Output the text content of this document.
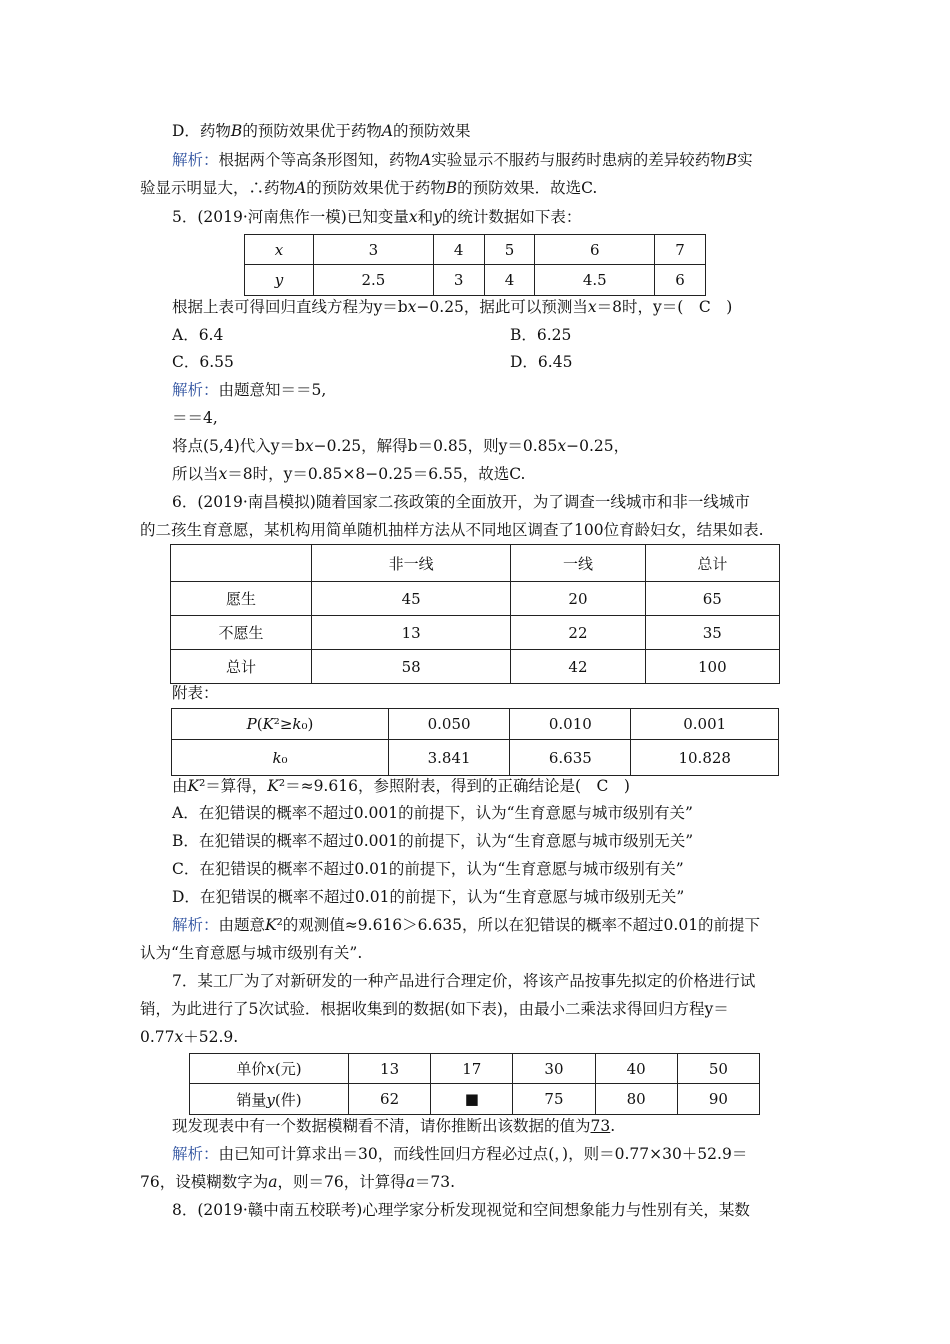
D．药物𝐵的预防效果优于药物𝐴的预防效果
解析：根据两个等高条形图知，药物𝐴实验显示不服药与服药时患病的差异较药物𝐵实
验显示明显大，∴药物𝐴的预防效果优于药物𝐵的预防效果．故选C.
5．(2019·河南焦作一模)已知变量𝑥和𝑦的统计数据如下表：
𝑥	3	4	5	6	7
𝑦	2.5	3	4	4.5	6
根据上表可得回归直线方程为y＝b𝑥−0.25，据此可以预测当𝑥＝8时，y＝(　C　)
A．6.4	B．6.25
C．6.55	D．6.45
解析：由题意知＝＝5,
＝＝4,
将点(5,4)代入y＝b𝑥−0.25，解得b＝0.85，则y＝0.85𝑥−0.25，
所以当𝑥＝8时，y＝0.85×8−0.25＝6.55，故选C.
6．(2019·南昌模拟)随着国家二孩政策的全面放开，为了调查一线城市和非一线城市
的二孩生育意愿，某机构用简单随机抽样方法从不同地区调查了100位育龄妇女，结果如表.
	非一线	一线	总计
愿生	45	20	65
不愿生	13	22	35
总计	58	42	100
附表：
𝑃(𝐾²≥𝑘₀)	0.050	0.010	0.001
𝑘₀	3.841	6.635	10.828
由𝐾²＝算得，𝐾²＝≈9.616，参照附表，得到的正确结论是(　C　)
A．在犯错误的概率不超过0.001的前提下，认为“生育意愿与城市级别有关”
B．在犯错误的概率不超过0.001的前提下，认为“生育意愿与城市级别无关”
C．在犯错误的概率不超过0.01的前提下，认为“生育意愿与城市级别有关”
D．在犯错误的概率不超过0.01的前提下，认为“生育意愿与城市级别无关”
解析：由题意𝐾²的观测值≈9.616＞6.635，所以在犯错误的概率不超过0.01的前提下
认为“生育意愿与城市级别有关”.
7．某工厂为了对新研发的一种产品进行合理定价，将该产品按事先拟定的价格进行试
销，为此进行了5次试验．根据收集到的数据(如下表)，由最小二乘法求得回归方程y＝
0.77𝑥＋52.9.
单价𝑥(元)	13	17	30	40	50
销量𝑦(件)	62	■	75	80	90
现发现表中有一个数据模糊看不清，请你推断出该数据的值为73.
解析：由已知可计算求出＝30，而线性回归方程必过点(，)，则＝0.77×30＋52.9＝
76，设模糊数字为𝑎，则＝76，计算得𝑎＝73.
8．(2019·赣中南五校联考)心理学家分析发现视觉和空间想象能力与性别有关，某数
